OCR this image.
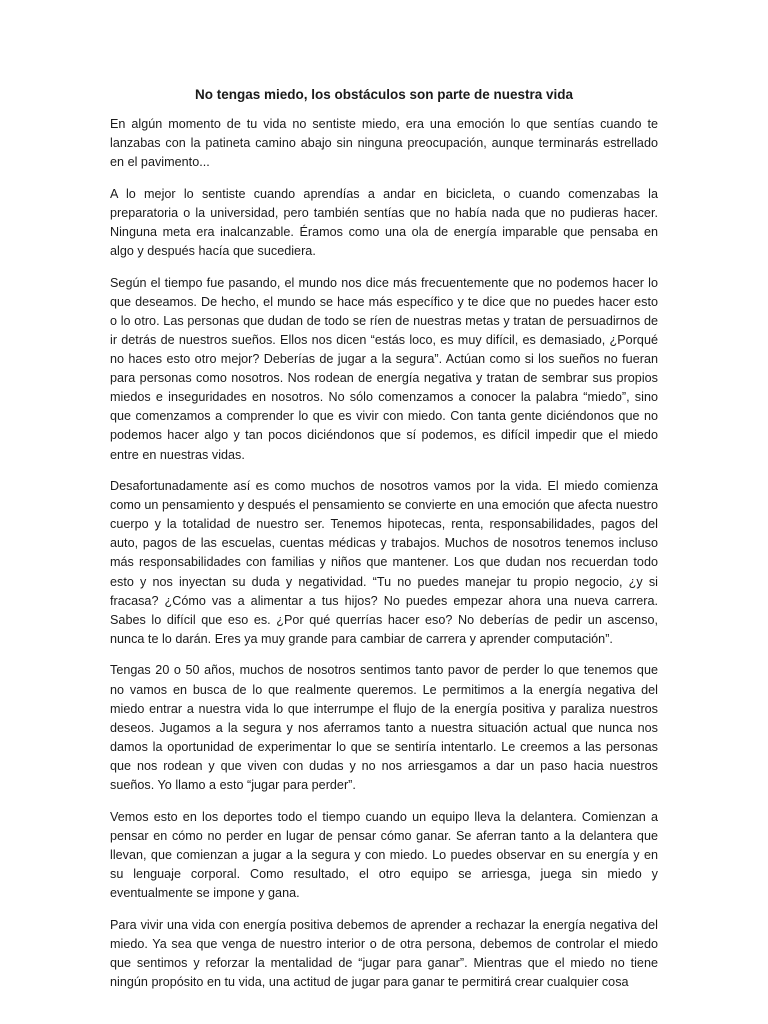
No tengas miedo, los obstáculos son parte de nuestra vida

En algún momento de tu vida no sentiste miedo, era una emoción lo que sentías cuando te lanzabas con la patineta camino abajo sin ninguna preocupación, aunque terminarás estrellado en el pavimento...

A lo mejor lo sentiste cuando aprendías a andar en bicicleta, o cuando comenzabas la preparatoria o la universidad, pero también sentías que no había nada que no pudieras hacer. Ninguna meta era inalcanzable. Éramos como una ola de energía imparable que pensaba en algo y después hacía que sucediera.

Según el tiempo fue pasando, el mundo nos dice más frecuentemente que no podemos hacer lo que deseamos. De hecho, el mundo se hace más específico y te dice que no puedes hacer esto o lo otro. Las personas que dudan de todo se ríen de nuestras metas y tratan de persuadirnos de ir detrás de nuestros sueños. Ellos nos dicen “estás loco, es muy difícil, es demasiado, ¿Porqué no haces esto otro mejor? Deberías de jugar a la segura”. Actúan como si los sueños no fueran para personas como nosotros. Nos rodean de energía negativa y tratan de sembrar sus propios miedos e inseguridades en nosotros. No sólo comenzamos a conocer la palabra “miedo”, sino que comenzamos a comprender lo que es vivir con miedo. Con tanta gente diciéndonos que no podemos hacer algo y tan pocos diciéndonos que sí podemos, es difícil impedir que el miedo entre en nuestras vidas.

Desafortunadamente así es como muchos de nosotros vamos por la vida. El miedo comienza como un pensamiento y después el pensamiento se convierte en una emoción que afecta nuestro cuerpo y la totalidad de nuestro ser. Tenemos hipotecas, renta, responsabilidades, pagos del auto, pagos de las escuelas, cuentas médicas y trabajos. Muchos de nosotros tenemos incluso más responsabilidades con familias y niños que mantener. Los que dudan nos recuerdan todo esto y nos inyectan su duda y negatividad. “Tu no puedes manejar tu propio negocio, ¿y si fracasa? ¿Cómo vas a alimentar a tus hijos? No puedes empezar ahora una nueva carrera. Sabes lo difícil que eso es. ¿Por qué querrías hacer eso? No deberías de pedir un ascenso, nunca te lo darán. Eres ya muy grande para cambiar de carrera y aprender computación”.

Tengas 20 o 50 años, muchos de nosotros sentimos tanto pavor de perder lo que tenemos que no vamos en busca de lo que realmente queremos. Le permitimos a la energía negativa del miedo entrar a nuestra vida lo que interrumpe el flujo de la energía positiva y paraliza nuestros deseos. Jugamos a la segura y nos aferramos tanto a nuestra situación actual que nunca nos damos la oportunidad de experimentar lo que se sentiría intentarlo. Le creemos a las personas que nos rodean y que viven con dudas y no nos arriesgamos a dar un paso hacia nuestros sueños. Yo llamo a esto “jugar para perder”.

Vemos esto en los deportes todo el tiempo cuando un equipo lleva la delantera. Comienzan a pensar en cómo no perder en lugar de pensar cómo ganar. Se aferran tanto a la delantera que llevan, que comienzan a jugar a la segura y con miedo. Lo puedes observar en su energía y en su lenguaje corporal. Como resultado, el otro equipo se arriesga, juega sin miedo y eventualmente se impone y gana.

Para vivir una vida con energía positiva debemos de aprender a rechazar la energía negativa del miedo. Ya sea que venga de nuestro interior o de otra persona, debemos de controlar el miedo que sentimos y reforzar la mentalidad de “jugar para ganar”. Mientras que el miedo no tiene ningún propósito en tu vida, una actitud de jugar para ganar te permitirá crear cualquier cosa
